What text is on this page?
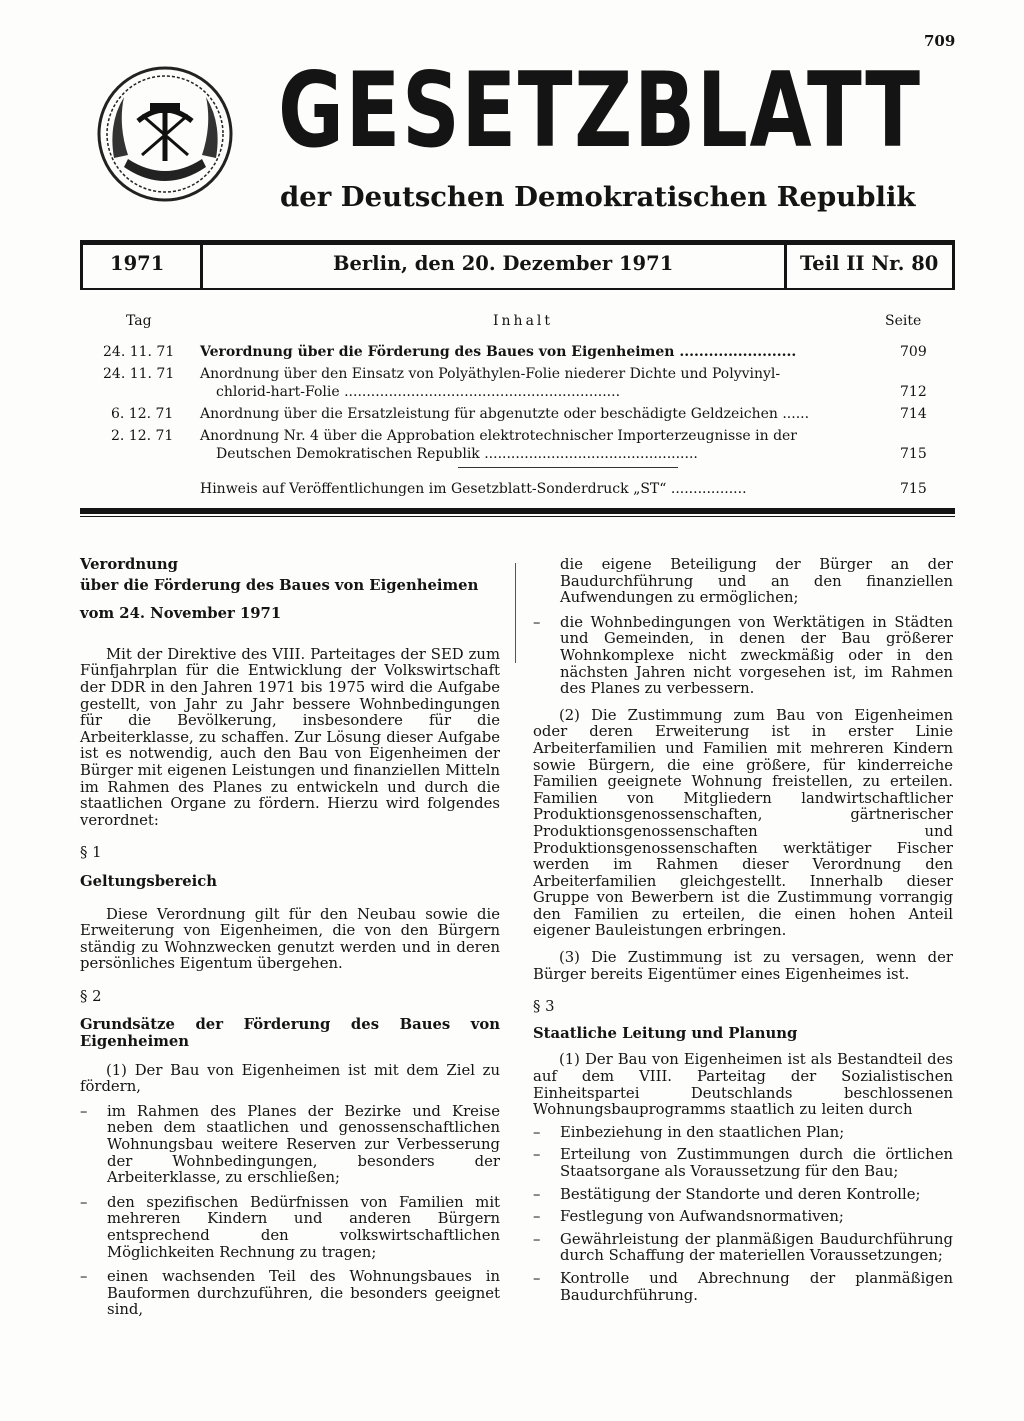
709
GESETZBLATT
der Deutschen Demokratischen Republik
1971	Berlin, den 20. Dezember 1971	Teil II Nr. 80
Tag	Inhalt	Seite
24. 11. 71	Verordnung über die Förderung des Baues von Eigenheimen ........................	709
24. 11. 71	Anordnung über den Einsatz von Polyäthylen-Folie niederer Dichte und Polyvinyl-
chlorid-hart-Folie ..............................................................	712
6. 12. 71	Anordnung über die Ersatzleistung für abgenutzte oder beschädigte Geldzeichen ......	714
2. 12. 71	Anordnung Nr. 4 über die Approbation elektrotechnischer Importerzeugnisse in der
Deutschen Demokratischen Republik ................................................	715
Hinweis auf Veröffentlichungen im Gesetzblatt-Sonderdruck „ST“ .................	715

Verordnung

über die Förderung des Baues von Eigenheimen

vom 24. November 1971

Mit der Direktive des VIII. Parteitages der SED zum Fünfjahrplan für die Entwicklung der Volkswirtschaft der DDR in den Jahren 1971 bis 1975 wird die Aufgabe gestellt, von Jahr zu Jahr bessere Wohnbedingungen für die Bevölkerung, insbesondere für die Arbeiterklasse, zu schaffen. Zur Lösung dieser Aufgabe ist es notwendig, auch den Bau von Eigenheimen der Bürger mit eigenen Leistungen und finanziellen Mitteln im Rahmen des Planes zu entwickeln und durch die staatlichen Organe zu fördern. Hierzu wird folgendes verordnet:

§ 1

Geltungsbereich

Diese Verordnung gilt für den Neubau sowie die Erweiterung von Eigenheimen, die von den Bürgern ständig zu Wohnzwecken genutzt werden und in deren persönliches Eigentum übergehen.

§ 2

Grundsätze der Förderung des Baues von Eigenheimen

(1) Der Bau von Eigenheimen ist mit dem Ziel zu fördern,

– im Rahmen des Planes der Bezirke und Kreise neben dem staatlichen und genossenschaftlichen Wohnungsbau weitere Reserven zur Verbesserung der Wohnbedingungen, besonders der Arbeiterklasse, zu erschließen;
– den spezifischen Bedürfnissen von Familien mit mehreren Kindern und anderen Bürgern entsprechend den volkswirtschaftlichen Möglichkeiten Rechnung zu tragen;
– einen wachsenden Teil des Wohnungsbaues in Bauformen durchzuführen, die besonders geeignet sind,

die eigene Beteiligung der Bürger an der Baudurchführung und an den finanziellen Aufwendungen zu ermöglichen;

– die Wohnbedingungen von Werktätigen in Städten und Gemeinden, in denen der Bau größerer Wohnkomplexe nicht zweckmäßig oder in den nächsten Jahren nicht vorgesehen ist, im Rahmen des Planes zu verbessern.

(2) Die Zustimmung zum Bau von Eigenheimen oder deren Erweiterung ist in erster Linie Arbeiterfamilien und Familien mit mehreren Kindern sowie Bürgern, die eine größere, für kinderreiche Familien geeignete Wohnung freistellen, zu erteilen. Familien von Mitgliedern landwirtschaftlicher Produktionsgenossenschaften, gärtnerischer Produktionsgenossenschaften und Produktionsgenossenschaften werktätiger Fischer werden im Rahmen dieser Verordnung den Arbeiterfamilien gleichgestellt. Innerhalb dieser Gruppe von Bewerbern ist die Zustimmung vorrangig den Familien zu erteilen, die einen hohen Anteil eigener Bauleistungen erbringen.

(3) Die Zustimmung ist zu versagen, wenn der Bürger bereits Eigentümer eines Eigenheimes ist.

§ 3

Staatliche Leitung und Planung

(1) Der Bau von Eigenheimen ist als Bestandteil des auf dem VIII. Parteitag der Sozialistischen Einheitspartei Deutschlands beschlossenen Wohnungsbauprogramms staatlich zu leiten durch

– Einbeziehung in den staatlichen Plan;
– Erteilung von Zustimmungen durch die örtlichen Staatsorgane als Voraussetzung für den Bau;
– Bestätigung der Standorte und deren Kontrolle;
– Festlegung von Aufwandsnormativen;
– Gewährleistung der planmäßigen Baudurchführung durch Schaffung der materiellen Voraussetzungen;
– Kontrolle und Abrechnung der planmäßigen Baudurchführung.
